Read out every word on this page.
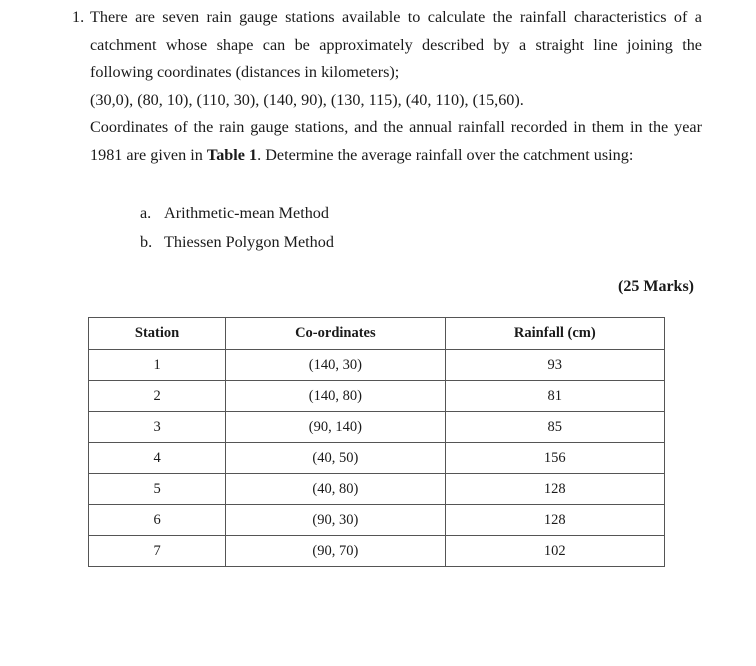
1. There are seven rain gauge stations available to calculate the rainfall characteristics of a catchment whose shape can be approximately described by a straight line joining the following coordinates (distances in kilometers);

(30,0), (80, 10), (110, 30), (140, 90), (130, 115), (40, 110), (15,60).

Coordinates of the rain gauge stations, and the annual rainfall recorded in them in the year 1981 are given in Table 1. Determine the average rainfall over the catchment using:

a. Arithmetic-mean Method
b. Thiessen Polygon Method
(25 Marks)
Station	Co-ordinates	Rainfall (cm)
1	(140, 30)	93
2	(140, 80)	81
3	(90, 140)	85
4	(40, 50)	156
5	(40, 80)	128
6	(90, 30)	128
7	(90, 70)	102
